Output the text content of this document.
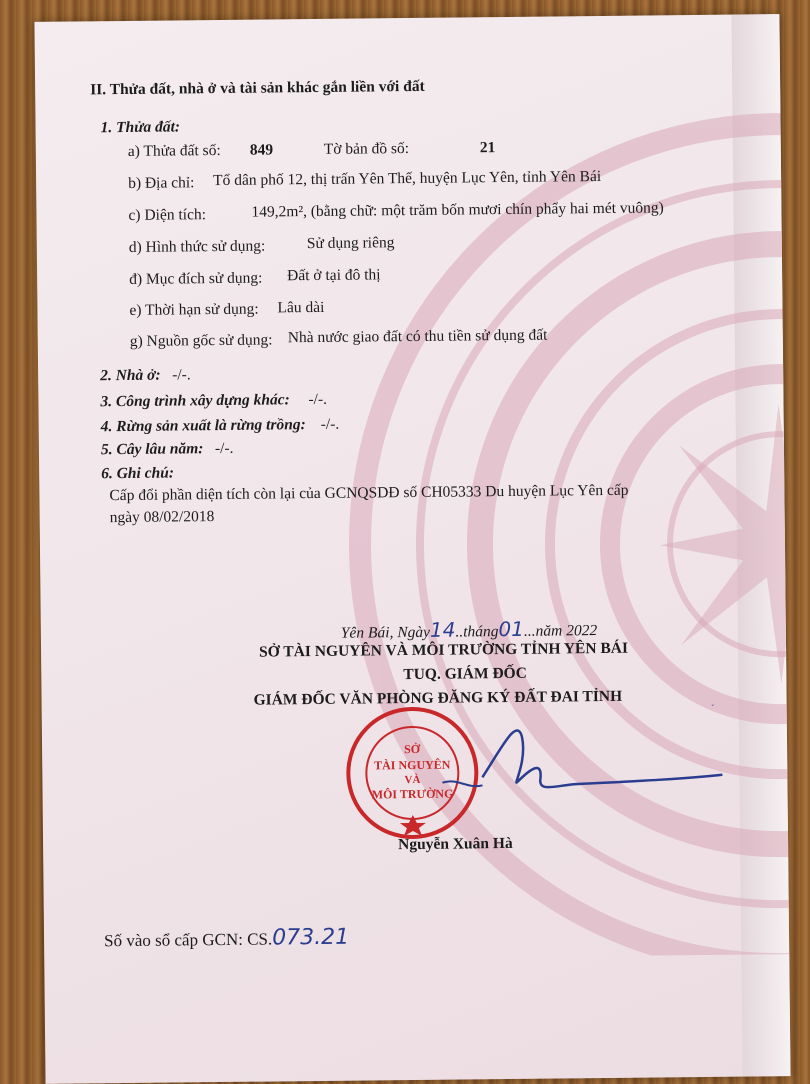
II. Thửa đất, nhà ở và tài sản khác gắn liền với đất
1. Thửa đất:
a) Thửa đất số: 849	Tờ bản đồ số:	21
b) Địa chỉ: Tổ dân phố 12, thị trấn Yên Thế, huyện Lục Yên, tỉnh Yên Bái
c) Diện tích:	149,2m², (bằng chữ: một trăm bốn mươi chín phẩy hai mét vuông)
d) Hình thức sử dụng:	Sử dụng riêng
đ) Mục đích sử dụng: Đất ở tại đô thị
e) Thời hạn sử dụng: Lâu dài
g) Nguồn gốc sử dụng: Nhà nước giao đất có thu tiền sử dụng đất
2. Nhà ở: -/-.
3. Công trình xây dựng khác: -/-.
4. Rừng sản xuất là rừng trồng: -/-.
5. Cây lâu năm: -/-.
6. Ghi chú:
Cấp đổi phần diện tích còn lại của GCNQSDĐ số CH05333 Du huyện Lục Yên cấp
ngày 08/02/2018
Yên Bái, Ngày14..tháng01...năm 2022
SỞ TÀI NGUYÊN VÀ MÔI TRƯỜNG TỈNH YÊN BÁI
TUQ. GIÁM ĐỐC
GIÁM ĐỐC VĂN PHÒNG ĐĂNG KÝ ĐẤT ĐAI TỈNH
SỞ
TÀI NGUYÊN
VÀ
MÔI TRƯỜNG
Nguyễn Xuân Hà
Số vào sổ cấp GCN: CS.073.21
